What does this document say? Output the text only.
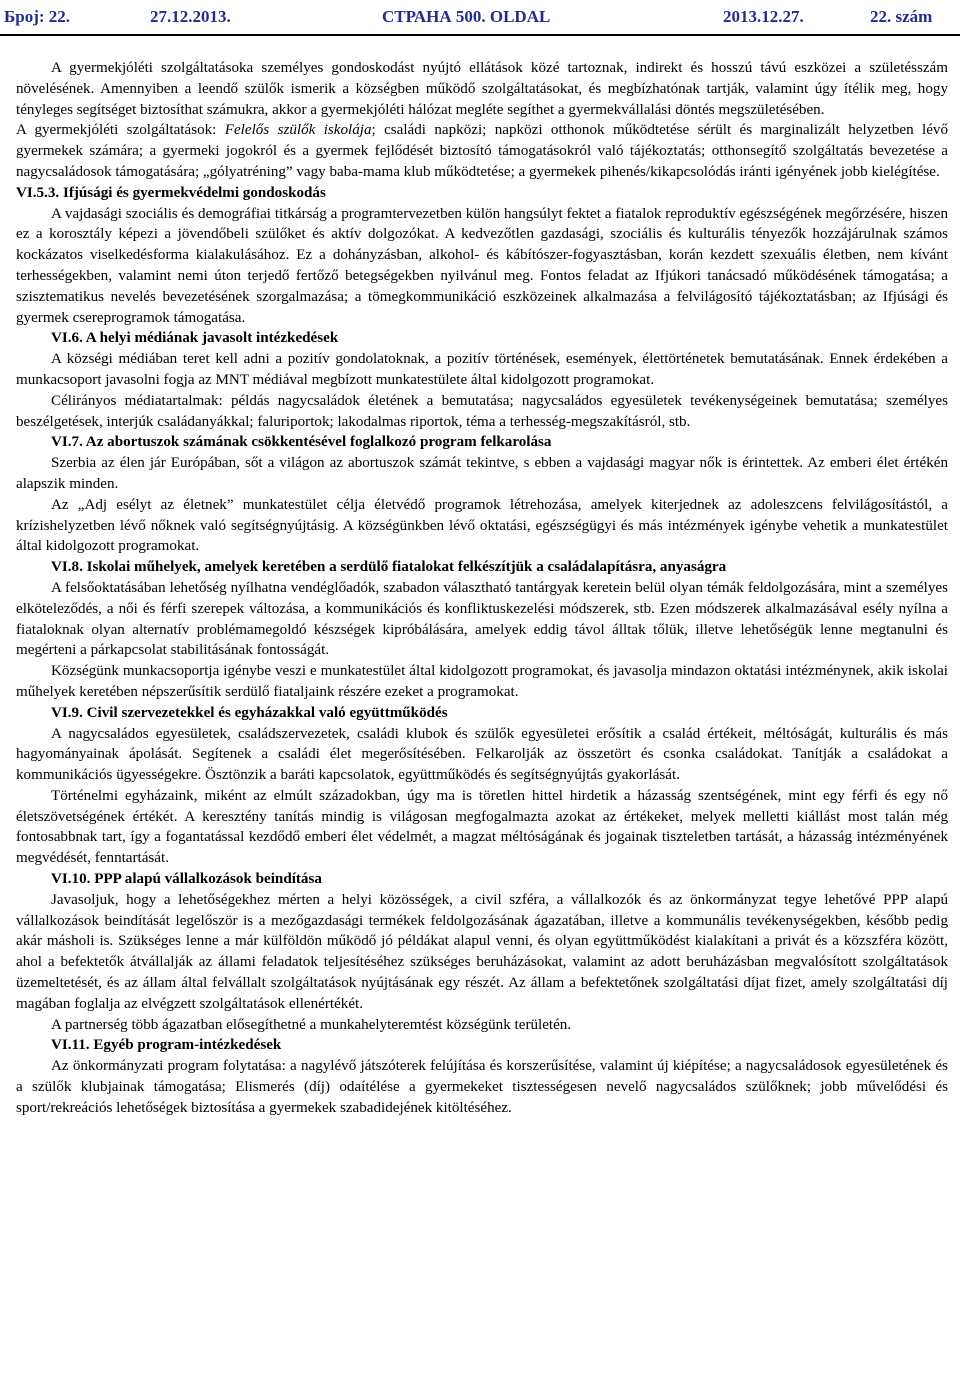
Број: 22.	27.12.2013.	СТРАНА 500. OLDAL	2013.12.27.	22. szám

A gyermekjóléti szolgáltatásoka személyes gondoskodást nyújtó ellátások közé tartoznak, indirekt és hosszú távú eszközei a születésszám növelésének. Amennyiben a leendő szülők ismerik a községben működő szolgáltatásokat, és megbízhatónak tartják, valamint úgy ítélik meg, hogy tényleges segítséget biztosíthat számukra, akkor a gyermekjóléti hálózat megléte segíthet a gyermekvállalási döntés megszületésében.

A gyermekjóléti szolgáltatások: Felelős szülők iskolája; családi napközi; napközi otthonok működtetése sérült és marginalizált helyzetben lévő gyermekek számára; a gyermeki jogokról és a gyermek fejlődését biztosító támogatásokról való tájékoztatás; otthonsegítő szolgáltatás bevezetése a nagycsaládosok támogatására; „gólyatréning” vagy baba-mama klub működtetése; a gyermekek pihenés/kikapcsolódás iránti igényének jobb kielégítése.

VI.5.3. Ifjúsági és gyermekvédelmi gondoskodás

A vajdasági szociális és demográfiai titkárság a programtervezetben külön hangsúlyt fektet a fiatalok reproduktív egészségének megőrzésére, hiszen ez a korosztály képezi a jövendőbeli szülőket és aktív dolgozókat. A kedvezőtlen gazdasági, szociális és kulturális tényezők hozzájárulnak számos kockázatos viselkedésforma kialakulásához. Ez a dohányzásban, alkohol- és kábítószer-fogyasztásban, korán kezdett szexuális életben, nem kívánt terhességekben, valamint nemi úton terjedő fertőző betegségekben nyilvánul meg. Fontos feladat az Ifjúkori tanácsadó működésének támogatása; a szisztematikus nevelés bevezetésének szorgalmazása; a tömegkommunikáció eszközeinek alkalmazása a felvilágosító tájékoztatásban; az Ifjúsági és gyermek csereprogramok támogatása.

VI.6. A helyi médiának javasolt intézkedések

A községi médiában teret kell adni a pozitív gondolatoknak, a pozitív történések, események, élettörténetek bemutatásának. Ennek érdekében a munkacsoport javasolni fogja az MNT médiával megbízott munkatestülete által kidolgozott programokat.

Célirányos médiatartalmak: példás nagycsaládok életének a bemutatása; nagycsaládos egyesületek tevékenységeinek bemutatása; személyes beszélgetések, interjúk családanyákkal; faluriportok; lakodalmas riportok, téma a terhesség-megszakításról, stb.

VI.7. Az abortuszok számának csökkentésével foglalkozó program felkarolása

Szerbia az élen jár Európában, sőt a világon az abortuszok számát tekintve, s ebben a vajdasági magyar nők is érintettek. Az emberi élet értékén alapszik minden.

Az „Adj esélyt az életnek” munkatestület célja életvédő programok létrehozása, amelyek kiterjednek az adoleszcens felvilágosítástól, a krízishelyzetben lévő nőknek való segítségnyújtásig. A községünkben lévő oktatási, egészségügyi és más intézmények igénybe vehetik a munkatestület által kidolgozott programokat.

VI.8. Iskolai műhelyek, amelyek keretében a serdülő fiatalokat felkészítjük a családalapításra, anyaságra

A felsőoktatásában lehetőség nyílhatna vendéglőadók, szabadon választható tantárgyak keretein belül olyan témák feldolgozására, mint a személyes elköteleződés, a női és férfi szerepek változása, a kommunikációs és konfliktuskezelési módszerek, stb. Ezen módszerek alkalmazásával esély nyílna a fiataloknak olyan alternatív problémamegoldó készségek kipróbálására, amelyek eddig távol álltak tőlük, illetve lehetőségük lenne megtanulni és megérteni a párkapcsolat stabilitásának fontosságát.

Községünk munkacsoportja igénybe veszi e munkatestület által kidolgozott programokat, és javasolja mindazon oktatási intézménynek, akik iskolai műhelyek keretében népszerűsítik serdülő fiataljaink részére ezeket a programokat.

VI.9. Civil szervezetekkel és egyházakkal való együttműködés

A nagycsaládos egyesületek, családszervezetek, családi klubok és szülők egyesületei erősítik a család értékeit, méltóságát, kulturális és más hagyományainak ápolását. Segítenek a családi élet megerősítésében. Felkarolják az összetört és csonka családokat. Tanítják a családokat a kommunikációs ügyességekre. Ösztönzik a baráti kapcsolatok, együttműködés és segítségnyújtás gyakorlását.

Történelmi egyházaink, miként az elmúlt századokban, úgy ma is töretlen hittel hirdetik a házasság szentségének, mint egy férfi és egy nő életszövetségének értékét. A keresztény tanítás mindig is világosan megfogalmazta azokat az értékeket, melyek melletti kiállást most talán még fontosabbnak tart, így a fogantatással kezdődő emberi élet védelmét, a magzat méltóságának és jogainak tiszteletben tartását, a házasság intézményének megvédését, fenntartását.

VI.10. PPP alapú vállalkozások beindítása

Javasoljuk, hogy a lehetőségekhez mérten a helyi közösségek, a civil szféra, a vállalkozók és az önkormányzat tegye lehetővé PPP alapú vállalkozások beindítását legelőször is a mezőgazdasági termékek feldolgozásának ágazatában, illetve a kommunális tevékenységekben, később pedig akár másholi is. Szükséges lenne a már külföldön működő jó példákat alapul venni, és olyan együttműködést kialakítani a privát és a közszféra között, ahol a befektetők átvállalják az állami feladatok teljesítéséhez szükséges beruházásokat, valamint az adott beruházásban megvalósított szolgáltatások üzemeltetését, és az állam által felvállalt szolgáltatások nyújtásának egy részét. Az állam a befektetőnek szolgáltatási díjat fizet, amely szolgáltatási díj magában foglalja az elvégzett szolgáltatások ellenértékét.

A partnerség több ágazatban elősegíthetné a munkahelyteremtést községünk területén.

VI.11. Egyéb program-intézkedések

Az önkormányzati program folytatása: a nagylévő játszóterek felújítása és korszerűsítése, valamint új kiépítése; a nagycsaládosok egyesületének és a szülők klubjainak támogatása; Elismerés (díj) odaítélése a gyermekeket tisztességesen nevelő nagycsaládos szülőknek; jobb művelődési és sport/rekreációs lehetőségek biztosítása a gyermekek szabadidejének kitöltéséhez.
